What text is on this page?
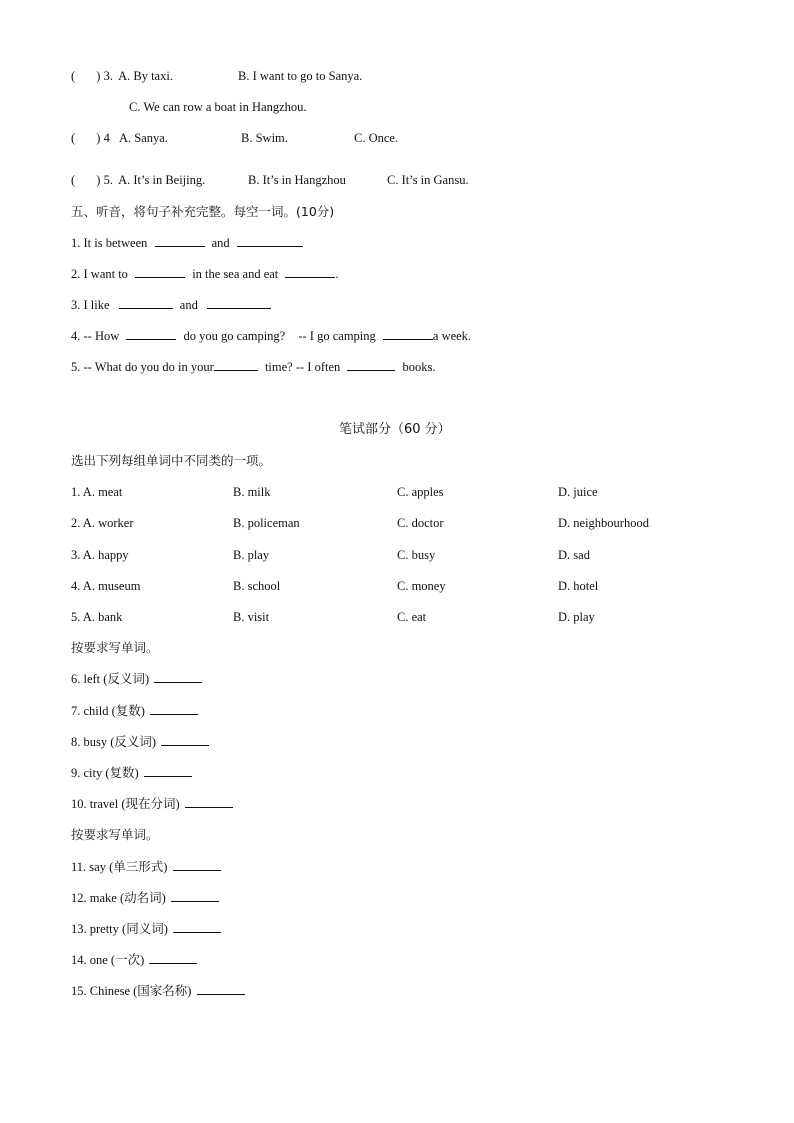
( ) 3. A. By taxi.	B. I want to go to Sanya.
C. We can row a boat in Hangzhou.
( ) 4 A. Sanya.	B. Swim.	C. Once.
( ) 5. A. It’s in Beijing.	B. It’s in Hangzhou	C. It’s in Gansu.
五、听音，将句子补充完整。每空一词。(10分)
1. It is between	and
2. I want to	in the sea and eat	.
3. I like	and
4. -- How	do you go camping? -- I go camping	a week.
5. -- What do you do in your	time? -- I often	books.
笔试部分（60 分）
选出下列每组单词中不同类的一项。
1. A. meat	B. milk	C. apples	D. juice
2. A. worker	B. policeman	C. doctor	D. neighbourhood
3. A. happy	B. play	C. busy	D. sad
4. A. museum	B. school	C. money	D. hotel
5. A. bank	B. visit	C. eat	D. play
按要求写单词。
6. left (反义词)
7. child (复数)
8. busy (反义词)
9. city (复数)
10. travel (现在分词)
按要求写单词。
11. say (单三形式)
12. make (动名词)
13. pretty (同义词)
14. one (一次)
15. Chinese (国家名称)
